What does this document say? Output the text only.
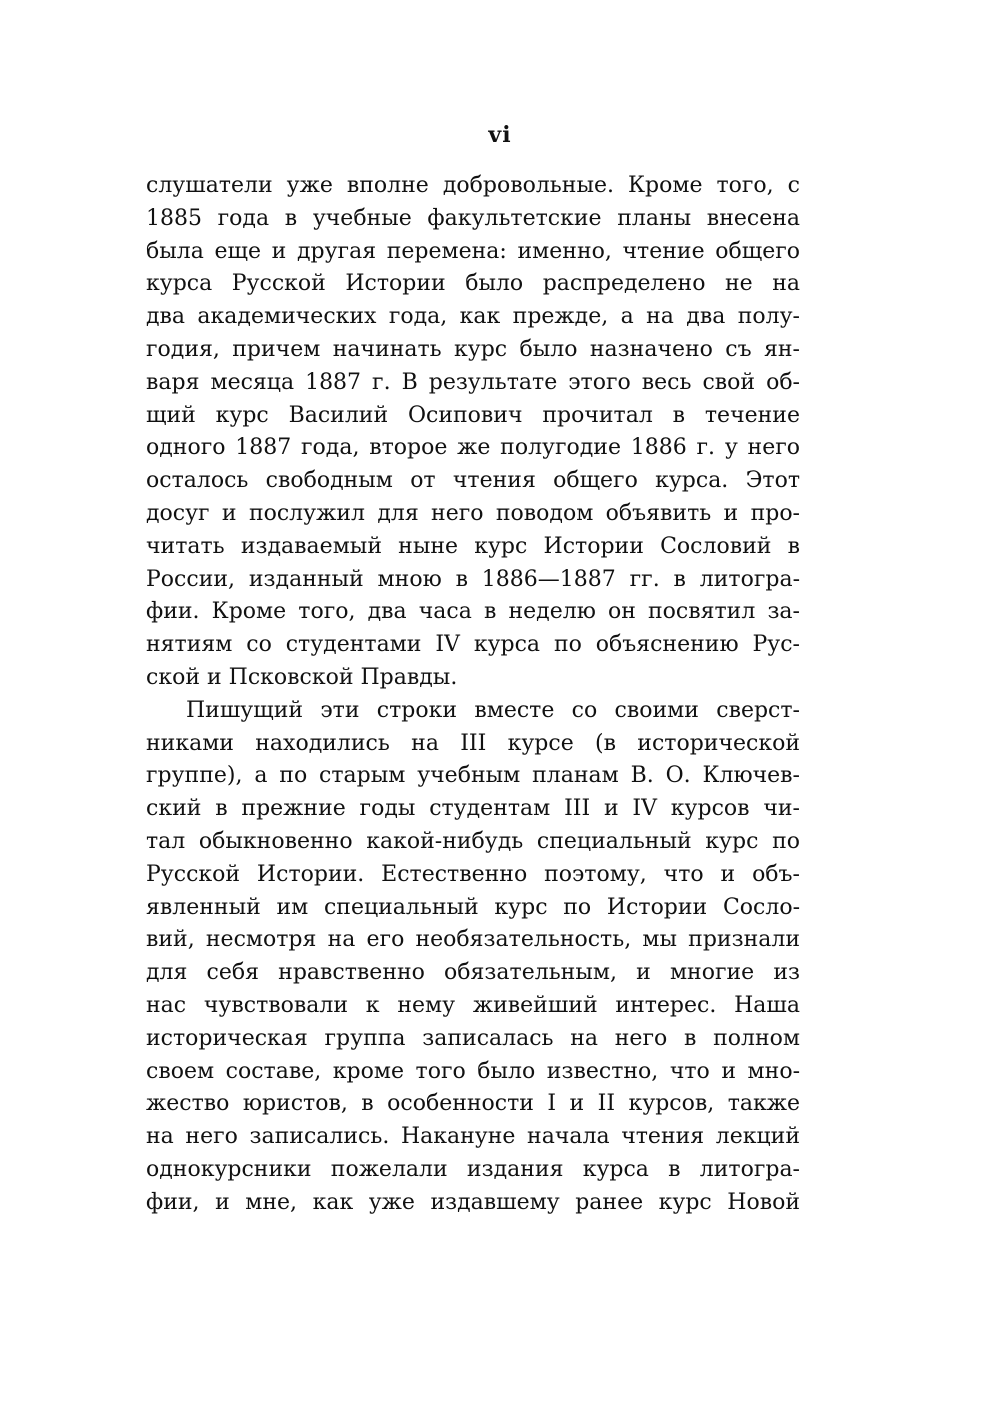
vi
слушатели уже вполне добровольные. Кроме того, с
1885 года в учебные факультетские планы внесена
была еще и другая перемена: именно, чтение общего
курса Русской Истории было распределено не на
два академических года, как прежде, а на два полу-
годия, причем начинать курс было назначено съ ян-
варя месяца 1887 г. В результате этого весь свой об-
щий курс Василий Осипович прочитал в течение
одного 1887 года, второе же полугодие 1886 г. у него
осталось свободным от чтения общего курса. Этот
досуг и послужил для него поводом объявить и про-
читать издаваемый ныне курс Истории Сословий в
России, изданный мною в 1886—1887 гг. в литогра-
фии. Кроме того, два часа в неделю он посвятил за-
нятиям со студентами IV курса по объяснению Рус-
ской и Псковской Правды.
Пишущий эти строки вместе со своими сверст-
никами находились на III курсе (в исторической
группе), а по старым учебным планам В. О. Ключев-
ский в прежние годы студентам III и IV курсов чи-
тал обыкновенно какой-нибудь специальный курс по
Русской Истории. Естественно поэтому, что и объ-
явленный им специальный курс по Истории Сосло-
вий, несмотря на его необязательность, мы признали
для себя нравственно обязательным, и многие из
нас чувствовали к нему живейший интерес. Наша
историческая группа записалась на него в полном
своем составе, кроме того было известно, что и мно-
жество юристов, в особенности I и II курсов, также
на него записались. Накануне начала чтения лекций
однокурсники пожелали издания курса в литогра-
фии, и мне, как уже издавшему ранее курс Новой
